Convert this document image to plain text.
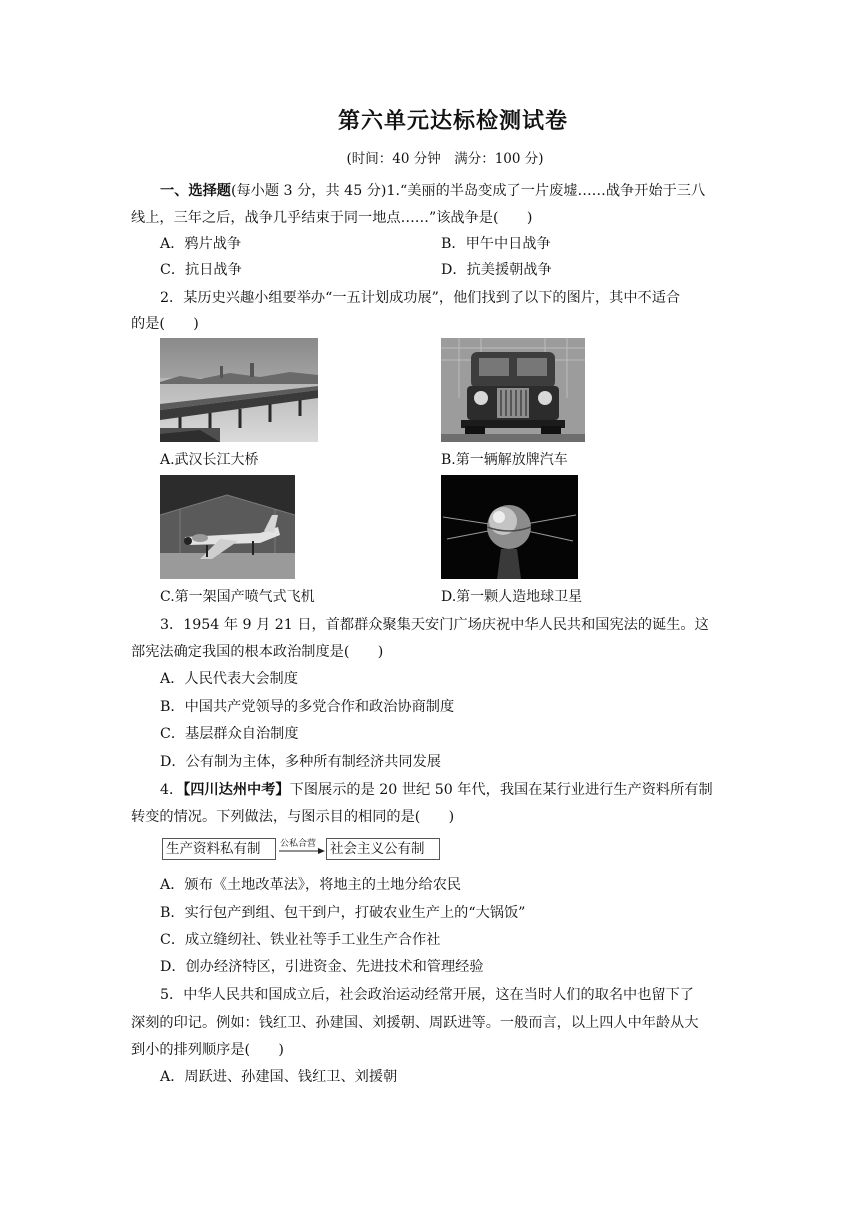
第六单元达标检测试卷
(时间：40 分钟　满分：100 分)
一、选择题(每小题 3 分，共 45 分)1.“美丽的半岛变成了一片废墟……战争开始于三八
线上，三年之后，战争几乎结束于同一地点……”该战争是(　　)
A．鸦片战争	B．甲午中日战争
C．抗日战争	D．抗美援朝战争
2．某历史兴趣小组要举办“一五计划成功展”，他们找到了以下的图片，其中不适合
的是(　　)
A.武汉长江大桥	B.第一辆解放牌汽车
C.第一架国产喷气式飞机	D.第一颗人造地球卫星
3．1954 年 9 月 21 日，首都群众聚集天安门广场庆祝中华人民共和国宪法的诞生。这
部宪法确定我国的根本政治制度是(　　)
A．人民代表大会制度
B．中国共产党领导的多党合作和政治协商制度
C．基层群众自治制度
D．公有制为主体，多种所有制经济共同发展
4．【四川达州中考】下图展示的是 20 世纪 50 年代，我国在某行业进行生产资料所有制
转变的情况。下列做法，与图示目的相同的是(　　)
生产资料私有制	公私合营 社会主义公有制
A．颁布《土地改革法》，将地主的土地分给农民
B．实行包产到组、包干到户，打破农业生产上的“大锅饭”
C．成立缝纫社、铁业社等手工业生产合作社
D．创办经济特区，引进资金、先进技术和管理经验
5．中华人民共和国成立后，社会政治运动经常开展，这在当时人们的取名中也留下了
深刻的印记。例如：钱红卫、孙建国、刘援朝、周跃进等。一般而言，以上四人中年龄从大
到小的排列顺序是(　　)
A．周跃进、孙建国、钱红卫、刘援朝
